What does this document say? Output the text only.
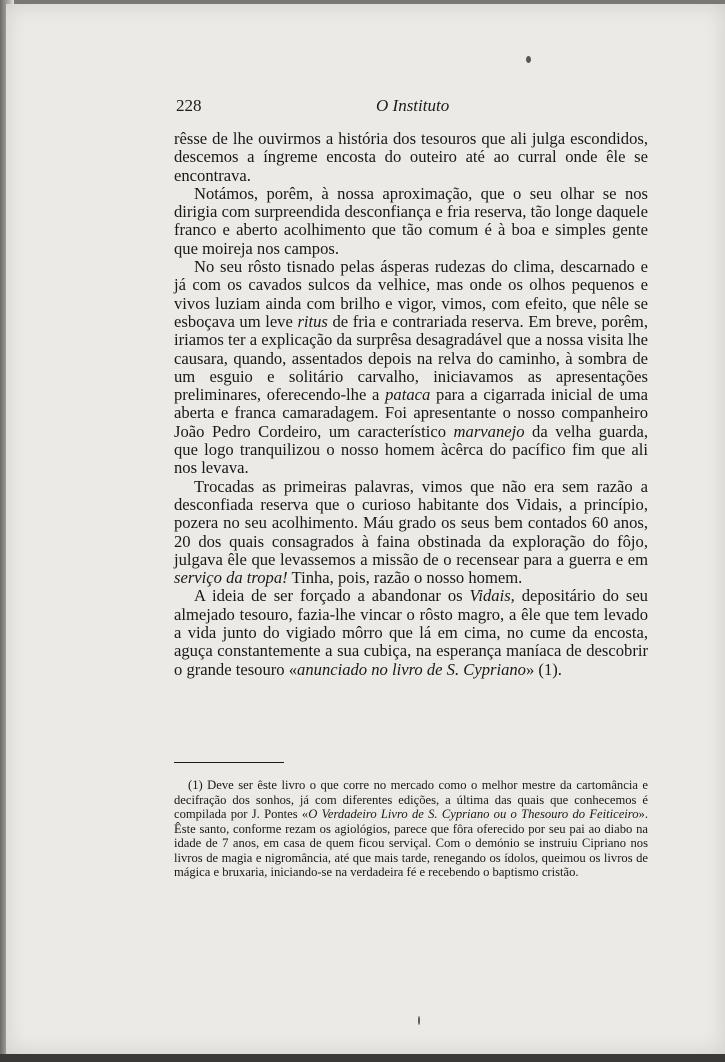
228	O Instituto

rêsse de lhe ouvirmos a história dos tesouros que ali julga escondidos, descemos a íngreme encosta do outeiro até ao curral onde êle se encontrava.

Notámos, porêm, à nossa aproximação, que o seu olhar se nos dirigia com surpreendida desconfiança e fria reserva, tão longe daquele franco e aberto acolhimento que tão comum é à boa e simples gente que moireja nos campos.

No seu rôsto tisnado pelas ásperas rudezas do clima, descarnado e já com os cavados sulcos da velhice, mas onde os olhos pequenos e vivos luziam ainda com brilho e vigor, vimos, com efeito, que nêle se esboçava um leve ritus de fria e contrariada reserva. Em breve, porêm, iriamos ter a explicação da surprêsa desagradável que a nossa visita lhe causara, quando, assentados depois na relva do caminho, à sombra de um esguio e solitário carvalho, iniciavamos as apresentações preliminares, oferecendo-lhe a pataca para a cigarrada inicial de uma aberta e franca camaradagem. Foi apresentante o nosso companheiro João Pedro Cordeiro, um característico marvanejo da velha guarda, que logo tranquilizou o nosso homem àcêrca do pacífico fim que ali nos levava.

Trocadas as primeiras palavras, vimos que não era sem razão a desconfiada reserva que o curioso habitante dos Vidais, a princípio, pozera no seu acolhimento. Máu grado os seus bem contados 60 anos, 20 dos quais consagrados à faina obstinada da exploração do fôjo, julgava êle que levassemos a missão de o recensear para a guerra e em serviço da tropa! Tinha, pois, razão o nosso homem.

A ideia de ser forçado a abandonar os Vidais, depositário do seu almejado tesouro, fazia-lhe vincar o rôsto magro, a êle que tem levado a vida junto do vigiado môrro que lá em cima, no cume da encosta, aguça constantemente a sua cubiça, na esperança maníaca de descobrir o grande tesouro «anunciado no livro de S. Cypriano» (1).

(1) Deve ser êste livro o que corre no mercado como o melhor mestre da cartomância e decifração dos sonhos, já com diferentes edições, a última das quais que conhecemos é compilada por J. Pontes «O Verdadeiro Livro de S. Cypriano ou o Thesouro do Feiticeiro». Êste santo, conforme rezam os agiológios, parece que fôra oferecido por seu pai ao diabo na idade de 7 anos, em casa de quem ficou serviçal. Com o demónio se instruiu Cipriano nos livros de magia e nigromância, até que mais tarde, renegando os ídolos, queimou os livros de mágica e bruxaria, iniciando-se na verdadeira fé e recebendo o baptismo cristão.
